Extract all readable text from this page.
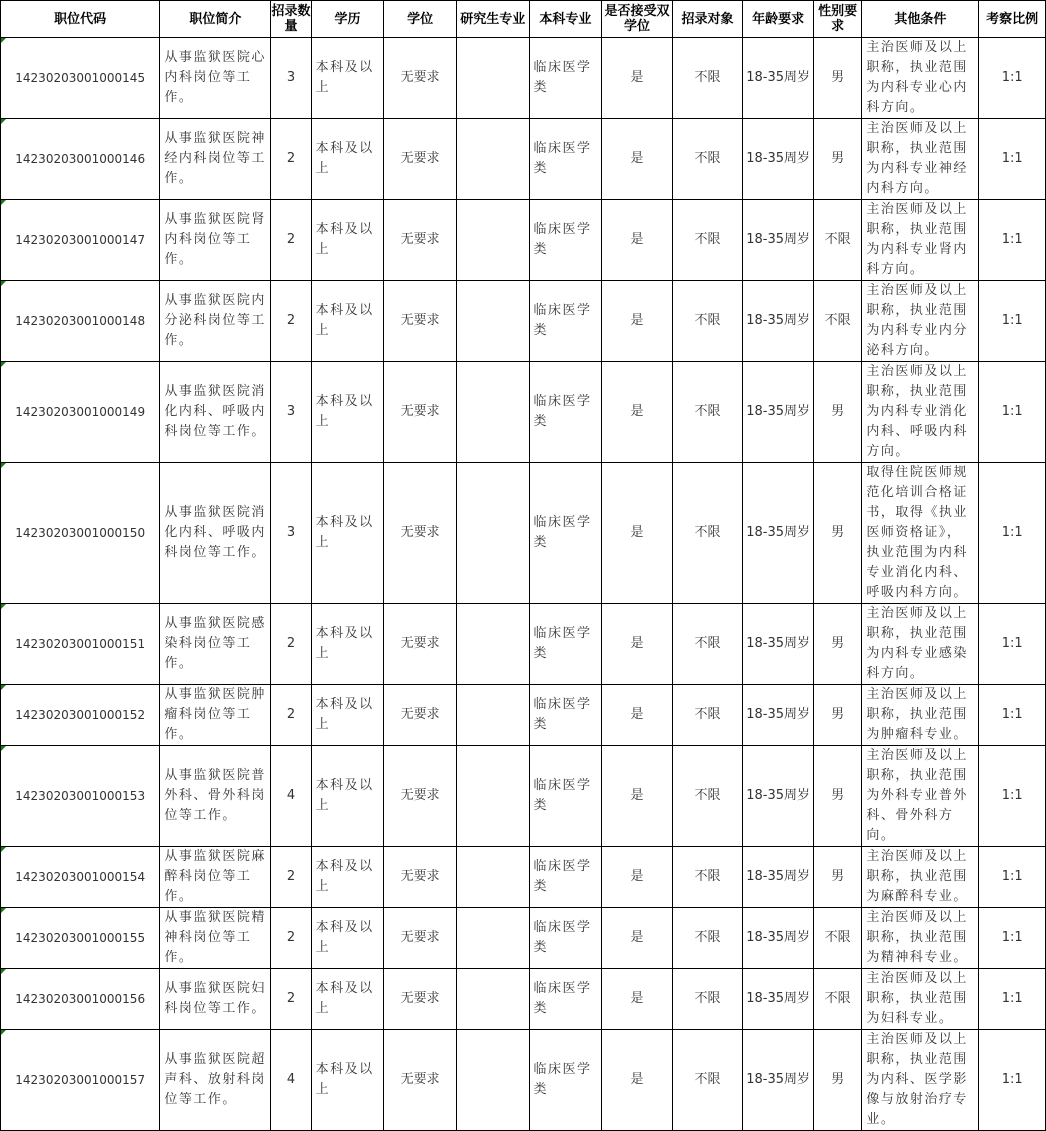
职位代码	职位简介	招录数量	学历	学位	研究生专业	本科专业	是否接受双学位	招录对象	年龄要求	性别要求	其他条件	考察比例
14230203001000145	从事监狱医院心内科岗位等工作。	3	本科及以上	无要求		临床医学类	是	不限	18-35周岁	男	主治医师及以上职称，执业范围为内科专业心内科方向。	1:1
14230203001000146	从事监狱医院神经内科岗位等工作。	2	本科及以上	无要求		临床医学类	是	不限	18-35周岁	男	主治医师及以上职称，执业范围为内科专业神经内科方向。	1:1
14230203001000147	从事监狱医院肾内科岗位等工作。	2	本科及以上	无要求		临床医学类	是	不限	18-35周岁	不限	主治医师及以上职称，执业范围为内科专业肾内科方向。	1:1
14230203001000148	从事监狱医院内分泌科岗位等工作。	2	本科及以上	无要求		临床医学类	是	不限	18-35周岁	不限	主治医师及以上职称，执业范围为内科专业内分泌科方向。	1:1
14230203001000149	从事监狱医院消化内科、呼吸内科岗位等工作。	3	本科及以上	无要求		临床医学类	是	不限	18-35周岁	男	主治医师及以上职称，执业范围为内科专业消化内科、呼吸内科方向。	1:1
14230203001000150	从事监狱医院消化内科、呼吸内科岗位等工作。	3	本科及以上	无要求		临床医学类	是	不限	18-35周岁	男	取得住院医师规范化培训合格证书，取得《执业医师资格证》，执业范围为内科专业消化内科、呼吸内科方向。	1:1
14230203001000151	从事监狱医院感染科岗位等工作。	2	本科及以上	无要求		临床医学类	是	不限	18-35周岁	男	主治医师及以上职称，执业范围为内科专业感染科方向。	1:1
14230203001000152	从事监狱医院肿瘤科岗位等工作。	2	本科及以上	无要求		临床医学类	是	不限	18-35周岁	男	主治医师及以上职称，执业范围为肿瘤科专业。	1:1
14230203001000153	从事监狱医院普外科、骨外科岗位等工作。	4	本科及以上	无要求		临床医学类	是	不限	18-35周岁	男	主治医师及以上职称，执业范围为外科专业普外科、骨外科方向。	1:1
14230203001000154	从事监狱医院麻醉科岗位等工作。	2	本科及以上	无要求		临床医学类	是	不限	18-35周岁	男	主治医师及以上职称，执业范围为麻醉科专业。	1:1
14230203001000155	从事监狱医院精神科岗位等工作。	2	本科及以上	无要求		临床医学类	是	不限	18-35周岁	不限	主治医师及以上职称，执业范围为精神科专业。	1:1
14230203001000156	从事监狱医院妇科岗位等工作。	2	本科及以上	无要求		临床医学类	是	不限	18-35周岁	不限	主治医师及以上职称，执业范围为妇科专业。	1:1
14230203001000157	从事监狱医院超声科、放射科岗位等工作。	4	本科及以上	无要求		临床医学类	是	不限	18-35周岁	男	主治医师及以上职称，执业范围为内科、医学影像与放射治疗专业。	1:1
